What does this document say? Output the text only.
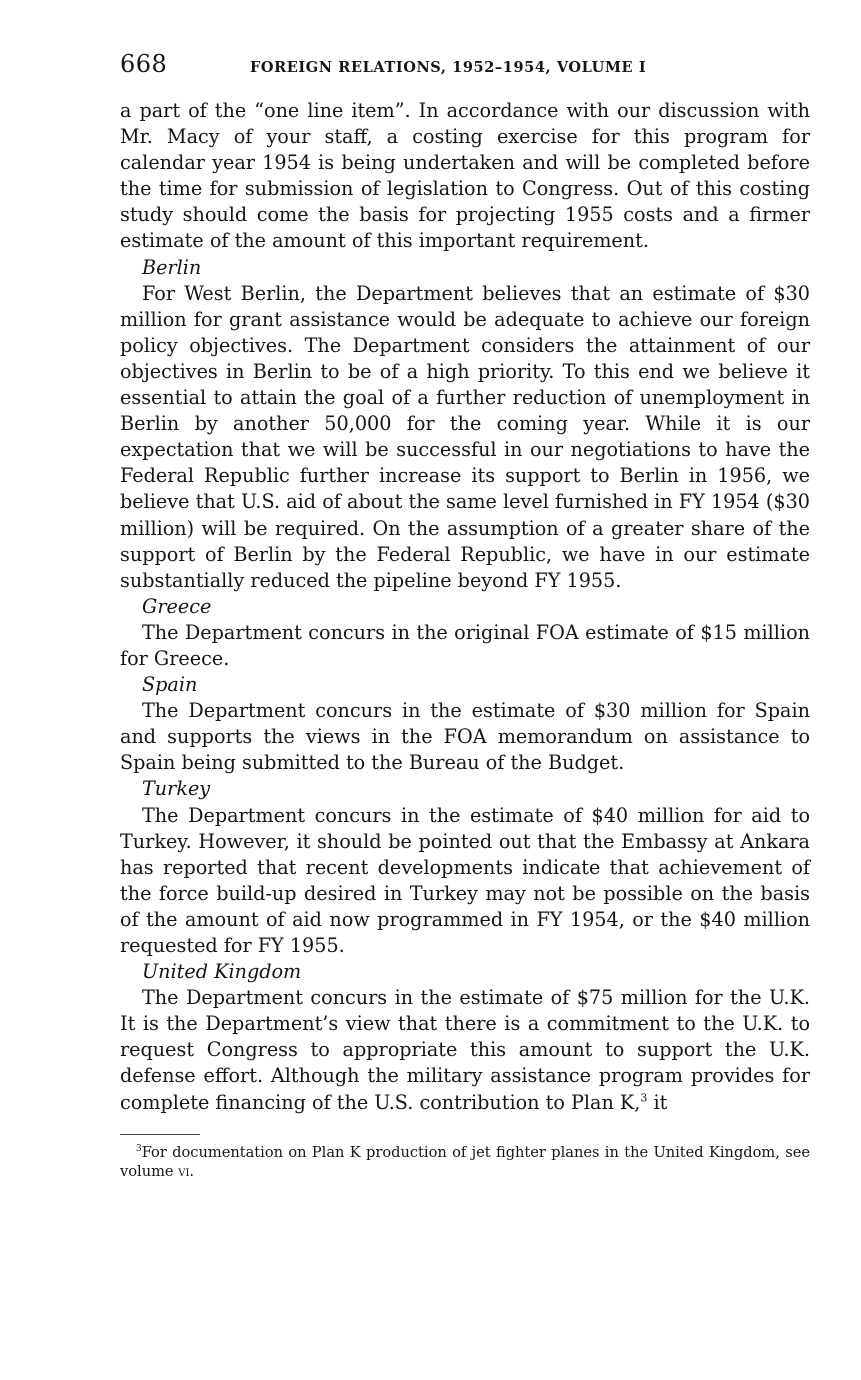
668	FOREIGN RELATIONS, 1952–1954, VOLUME I

a part of the “one line item”. In accordance with our discussion with Mr. Macy of your staff, a costing exercise for this program for calendar year 1954 is being undertaken and will be completed before the time for submission of legislation to Congress. Out of this costing study should come the basis for projecting 1955 costs and a firmer estimate of the amount of this important requirement.

Berlin

For West Berlin, the Department believes that an estimate of $30 million for grant assistance would be adequate to achieve our foreign policy objectives. The Department considers the attainment of our objectives in Berlin to be of a high priority. To this end we believe it essential to attain the goal of a further reduction of unemployment in Berlin by another 50,000 for the coming year. While it is our expectation that we will be successful in our negotiations to have the Federal Republic further increase its support to Berlin in 1956, we believe that U.S. aid of about the same level furnished in FY 1954 ($30 million) will be required. On the assumption of a greater share of the support of Berlin by the Federal Republic, we have in our estimate substantially reduced the pipeline beyond FY 1955.

Greece

The Department concurs in the original FOA estimate of $15 million for Greece.

Spain

The Department concurs in the estimate of $30 million for Spain and supports the views in the FOA memorandum on assistance to Spain being submitted to the Bureau of the Budget.

Turkey

The Department concurs in the estimate of $40 million for aid to Turkey. However, it should be pointed out that the Embassy at Ankara has reported that recent developments indicate that achievement of the force build-up desired in Turkey may not be possible on the basis of the amount of aid now programmed in FY 1954, or the $40 million requested for FY 1955.

United Kingdom

The Department concurs in the estimate of $75 million for the U.K. It is the Department’s view that there is a commitment to the U.K. to request Congress to appropriate this amount to support the U.K. defense effort. Although the military assistance program provides for complete financing of the U.S. contribution to Plan K,$^3$ it

$^3$For documentation on Plan K production of jet fighter planes in the United Kingdom, see volume vi.
